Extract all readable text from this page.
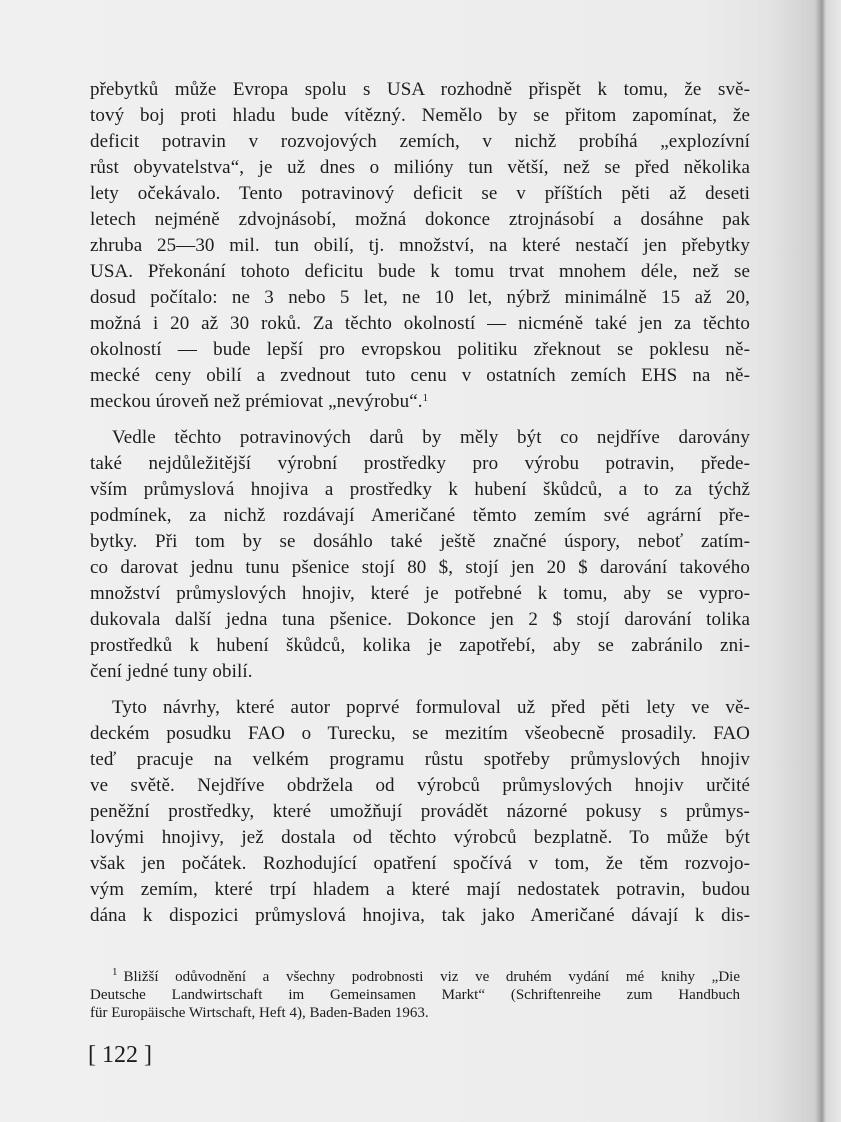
přebytků může Evropa spolu s USA rozhodně přispět k tomu, že svě-
tový boj proti hladu bude vítězný. Nemělo by se přitom zapomínat, že
deficit potravin v rozvojových zemích, v nichž probíhá „explozívní
růst obyvatelstva“, je už dnes o milióny tun větší, než se před několika
lety očekávalo. Tento potravinový deficit se v příštích pěti až deseti
letech nejméně zdvojnásobí, možná dokonce ztrojnásobí a dosáhne pak
zhruba 25—30 mil. tun obilí, tj. množství, na které nestačí jen přebytky
USA. Překonání tohoto deficitu bude k tomu trvat mnohem déle, než se
dosud počítalo: ne 3 nebo 5 let, ne 10 let, nýbrž minimálně 15 až 20,
možná i 20 až 30 roků. Za těchto okolností — nicméně také jen za těchto
okolností — bude lepší pro evropskou politiku zřeknout se poklesu ně-
mecké ceny obilí a zvednout tuto cenu v ostatních zemích EHS na ně-
meckou úroveň než prémiovat „nevýrobu“.$^1$
Vedle těchto potravinových darů by měly být co nejdříve darovány
také nejdůležitější výrobní prostředky pro výrobu potravin, přede-
vším průmyslová hnojiva a prostředky k hubení škůdců, a to za týchž
podmínek, za nichž rozdávají Američané těmto zemím své agrární pře-
bytky. Při tom by se dosáhlo také ještě značné úspory, neboť zatím-
co darovat jednu tunu pšenice stojí 80 $, stojí jen 20 $ darování takového
množství průmyslových hnojiv, které je potřebné k tomu, aby se vypro-
dukovala další jedna tuna pšenice. Dokonce jen 2 $ stojí darování tolika
prostředků k hubení škůdců, kolika je zapotřebí, aby se zabránilo zni-
čení jedné tuny obilí.
Tyto návrhy, které autor poprvé formuloval už před pěti lety ve vě-
deckém posudku FAO o Turecku, se mezitím všeobecně prosadily. FAO
teď pracuje na velkém programu růstu spotřeby průmyslových hnojiv
ve světě. Nejdříve obdržela od výrobců průmyslových hnojiv určité
peněžní prostředky, které umožňují provádět názorné pokusy s průmys-
lovými hnojivy, jež dostala od těchto výrobců bezplatně. To může být
však jen počátek. Rozhodující opatření spočívá v tom, že těm rozvojo-
vým zemím, které trpí hladem a které mají nedostatek potravin, budou
dána k dispozici průmyslová hnojiva, tak jako Američané dávají k dis-
$^1$ Bližší odůvodnění a všechny podrobnosti viz ve druhém vydání mé knihy „Die
Deutsche Landwirtschaft im Gemeinsamen Markt“ (Schriftenreihe zum Handbuch
für Europäische Wirtschaft, Heft 4), Baden-Baden 1963.
[ 122 ]
